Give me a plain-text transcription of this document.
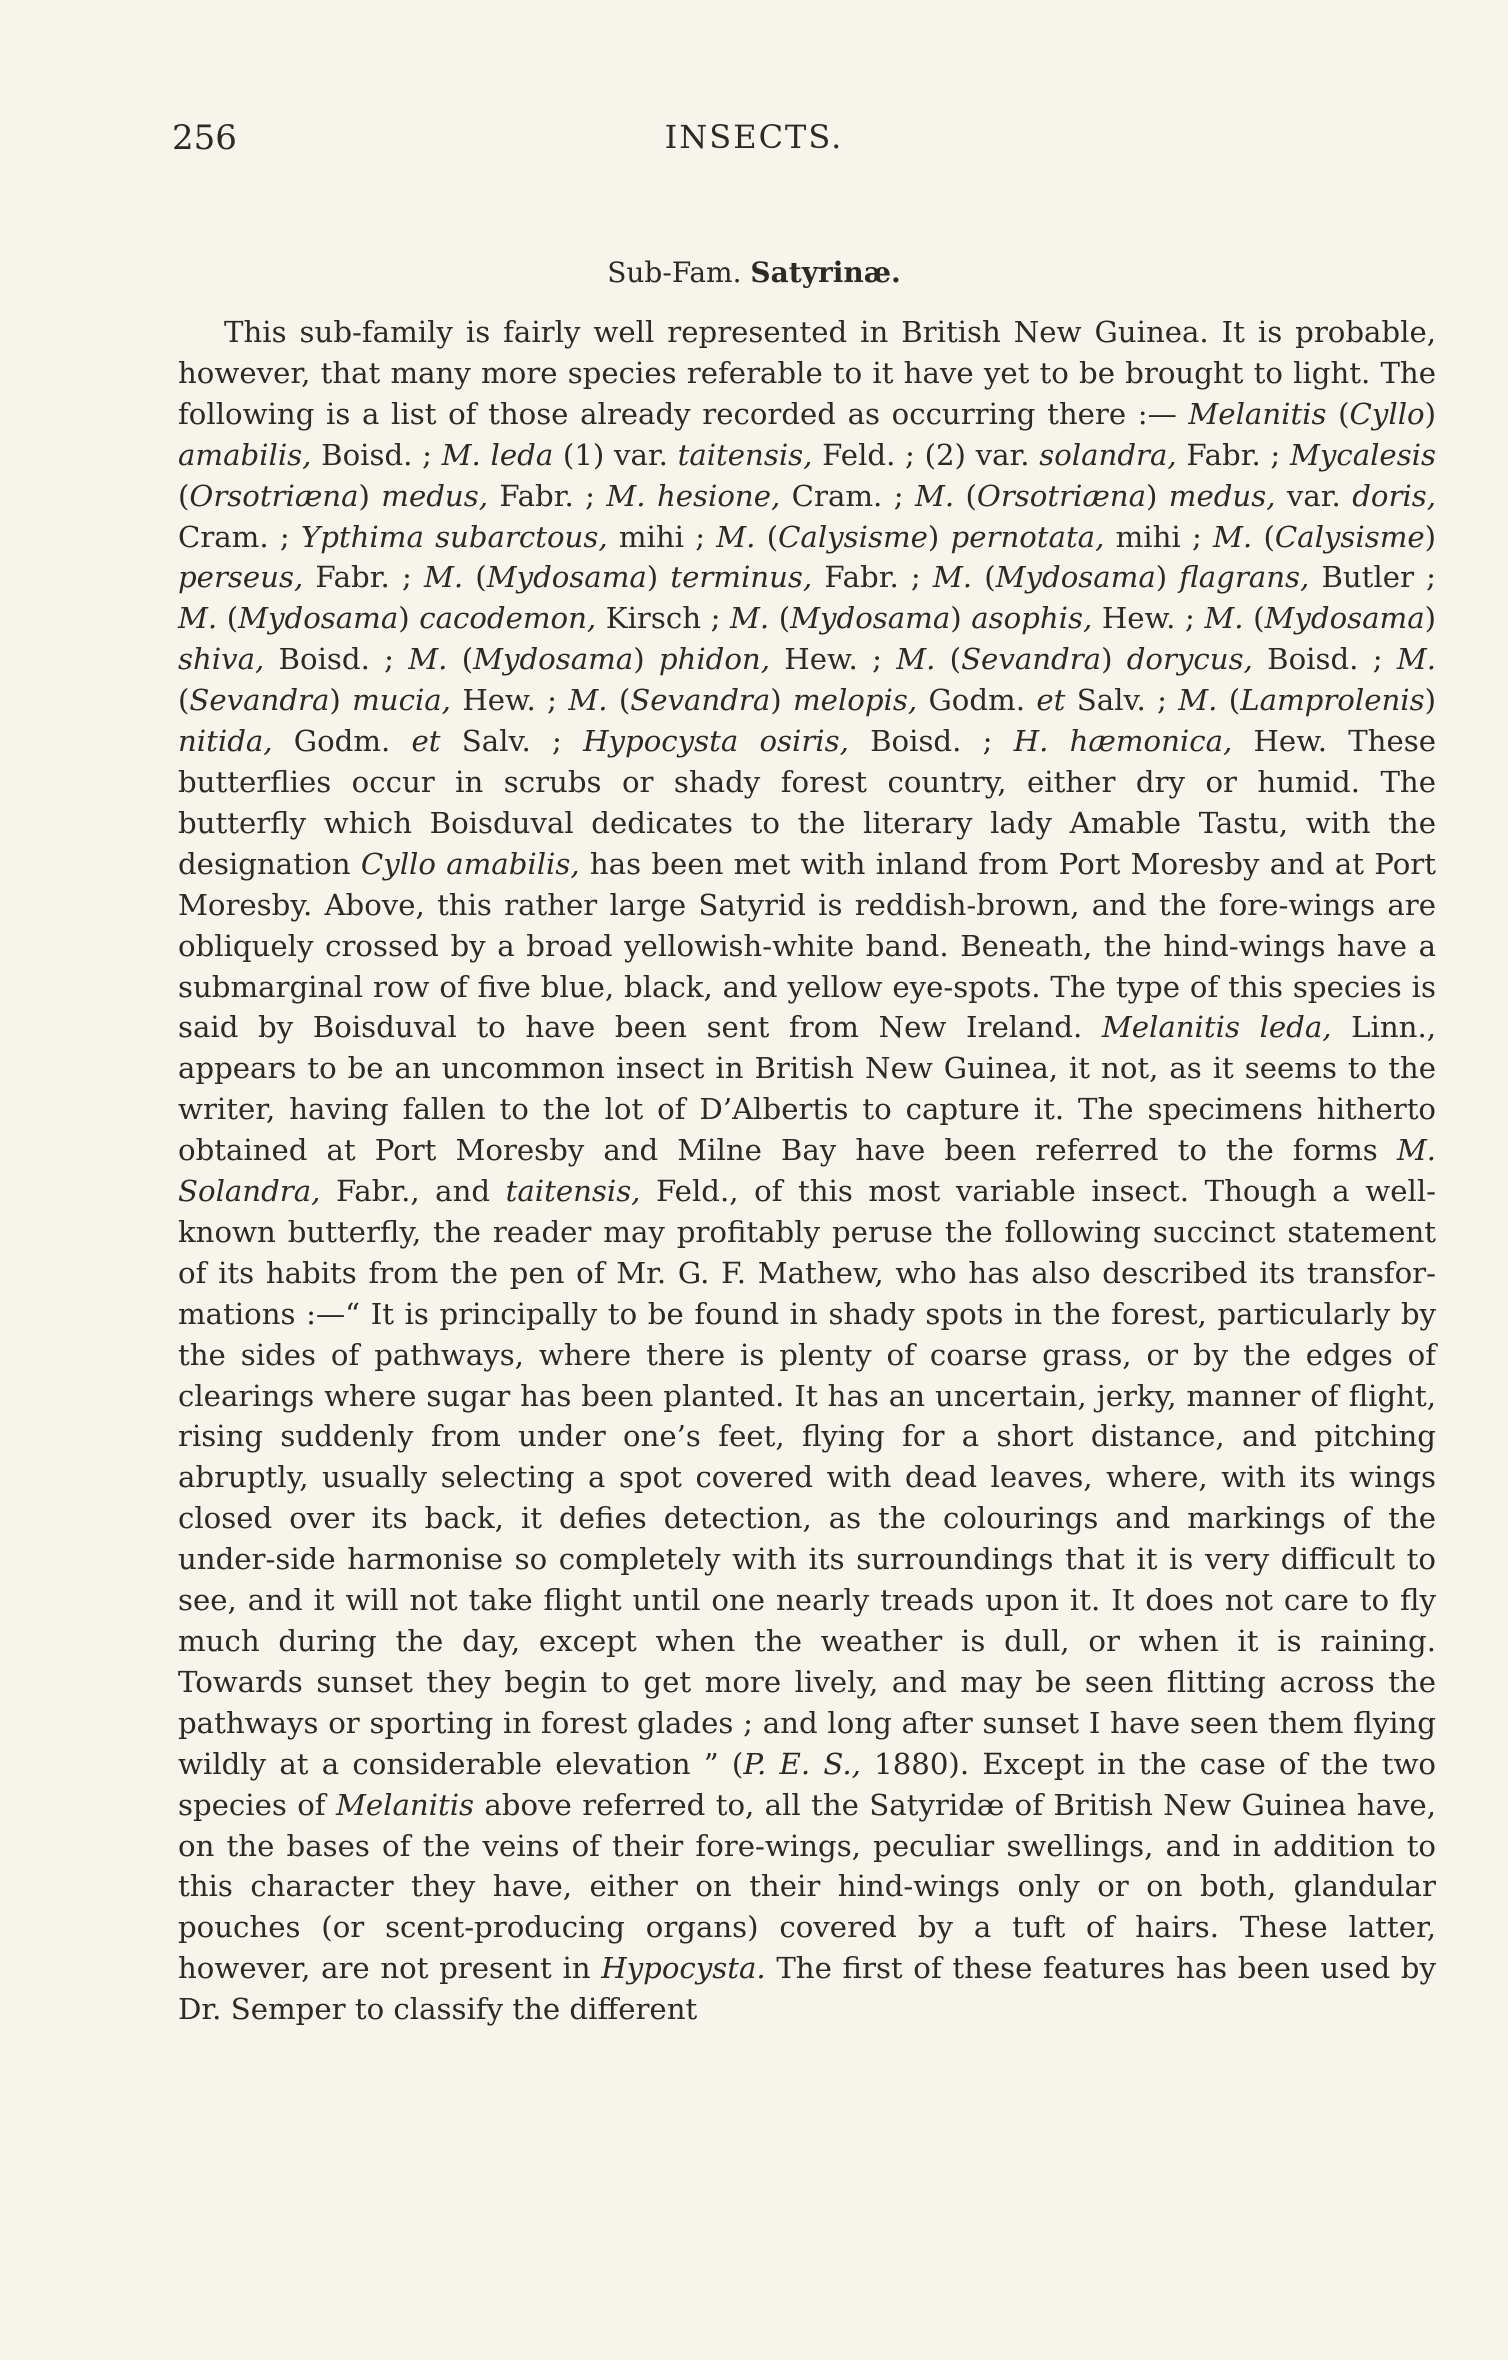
256	INSECTS.
Sub-Fam. Satyrinæ.

This sub-family is fairly well represented in British New Guinea. It is probable, however, that many more species referable to it have yet to be brought to light. The following is a list of those already recorded as occurring there :— Melanitis (Cyllo) amabilis, Boisd. ; M. leda (1) var. taitensis, Feld. ; (2) var. solandra, Fabr. ; Mycalesis (Orsotriæna) medus, Fabr. ; M. hesione, Cram. ; M. (Orsotriæna) medus, var. doris, Cram. ; Ypthima subarctous, mihi ; M. (Calysisme) pernotata, mihi ; M. (Calysisme) perseus, Fabr. ; M. (Mydosama) terminus, Fabr. ; M. (Mydosama) flagrans, Butler ; M. (Mydosama) cacodemon, Kirsch ; M. (Mydosama) asophis, Hew. ; M. (Mydosama) shiva, Boisd. ; M. (Mydosama) phidon, Hew. ; M. (Sevandra) dorycus, Boisd. ; M. (Sevandra) mucia, Hew. ; M. (Sevandra) melopis, Godm. et Salv. ; M. (Lamprolenis) nitida, Godm. et Salv. ; Hypocysta osiris, Boisd. ; H. hæmonica, Hew. These butterflies occur in scrubs or shady forest country, either dry or humid. The butterfly which Boisduval dedicates to the literary lady Amable Tastu, with the designation Cyllo amabilis, has been met with inland from Port Moresby and at Port Moresby. Above, this rather large Satyrid is reddish-brown, and the fore-wings are obliquely crossed by a broad yellowish-white band. Beneath, the hind-wings have a submarginal row of five blue, black, and yellow eye-spots. The type of this species is said by Boisduval to have been sent from New Ireland. Melanitis leda, Linn., appears to be an uncommon insect in British New Guinea, it not, as it seems to the writer, having fallen to the lot of D’Albertis to capture it. The specimens hitherto obtained at Port Moresby and Milne Bay have been referred to the forms M. Solandra, Fabr., and taitensis, Feld., of this most variable insect. Though a well-known butterfly, the reader may profitably peruse the following succinct statement of its habits from the pen of Mr. G. F. Mathew, who has also described its transformations :—“ It is principally to be found in shady spots in the forest, particularly by the sides of pathways, where there is plenty of coarse grass, or by the edges of clearings where sugar has been planted. It has an uncertain, jerky, manner of flight, rising suddenly from under one’s feet, flying for a short distance, and pitching abruptly, usually selecting a spot covered with dead leaves, where, with its wings closed over its back, it defies detection, as the colourings and markings of the under-side harmonise so completely with its surroundings that it is very difficult to see, and it will not take flight until one nearly treads upon it. It does not care to fly much during the day, except when the weather is dull, or when it is raining. Towards sunset they begin to get more lively, and may be seen flitting across the pathways or sporting in forest glades ; and long after sunset I have seen them flying wildly at a considerable elevation ” (P. E. S., 1880). Except in the case of the two species of Melanitis above referred to, all the Satyridæ of British New Guinea have, on the bases of the veins of their fore-wings, peculiar swellings, and in addition to this character they have, either on their hind-wings only or on both, glandular pouches (or scent-producing organs) covered by a tuft of hairs. These latter, however, are not present in Hypocysta. The first of these features has been used by Dr. Semper to classify the different
